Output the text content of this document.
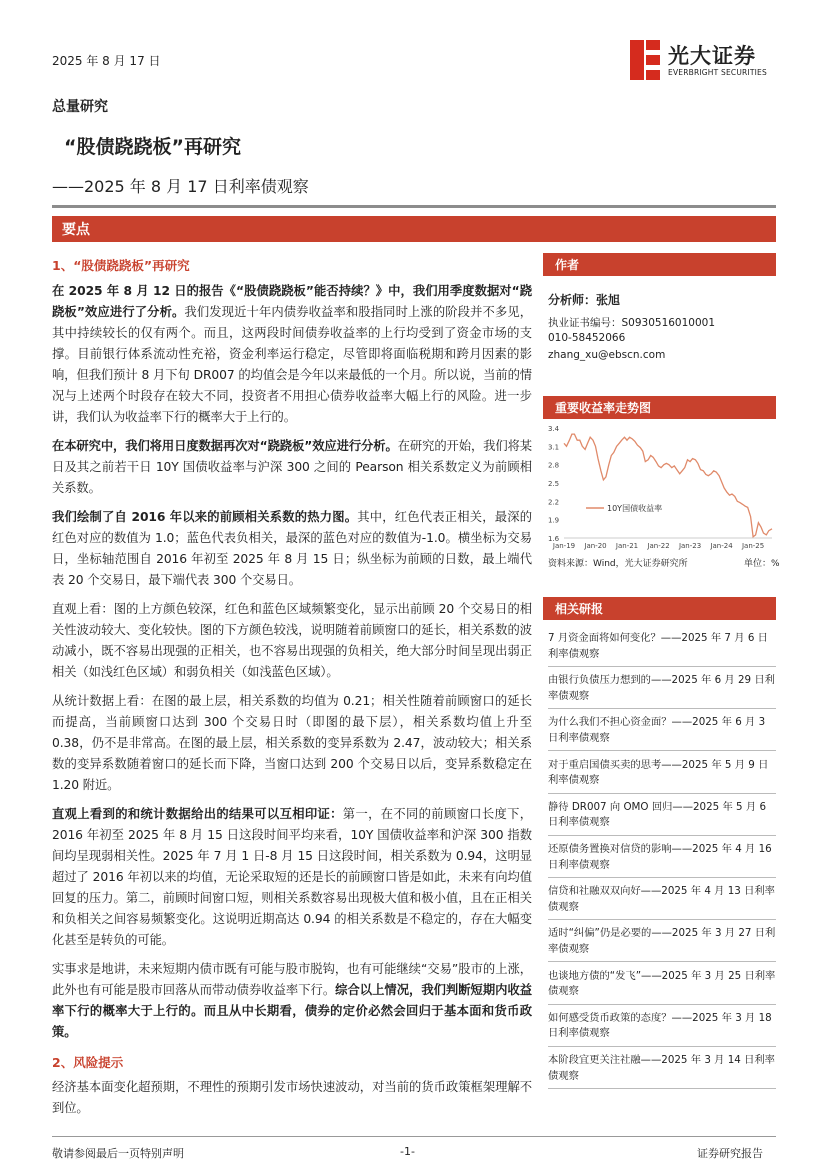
2025 年 8 月 17 日	光大证券
EVERBRIGHT SECURITIES
总量研究
“股债跷跷板”再研究
——2025 年 8 月 17 日利率债观察
要点
1、“股债跷跷板”再研究

在 2025 年 8 月 12 日的报告《“股债跷跷板”能否持续？》中，我们用季度数据对“跷跷板”效应进行了分析。我们发现近十年内债券收益率和股指同时上涨的阶段并不多见，其中持续较长的仅有两个。而且，这两段时间债券收益率的上行均受到了资金市场的支撑。目前银行体系流动性充裕，资金利率运行稳定，尽管即将面临税期和跨月因素的影响，但我们预计 8 月下旬 DR007 的均值会是今年以来最低的一个月。所以说，当前的情况与上述两个时段存在较大不同，投资者不用担心债券收益率大幅上行的风险。进一步讲，我们认为收益率下行的概率大于上行的。

在本研究中，我们将用日度数据再次对“跷跷板”效应进行分析。在研究的开始，我们将某日及其之前若干日 10Y 国债收益率与沪深 300 之间的 Pearson 相关系数定义为前顾相关系数。

我们绘制了自 2016 年以来的前顾相关系数的热力图。其中，红色代表正相关，最深的红色对应的数值为 1.0；蓝色代表负相关，最深的蓝色对应的数值为-1.0。横坐标为交易日，坐标轴范围自 2016 年初至 2025 年 8 月 15 日；纵坐标为前顾的日数，最上端代表 20 个交易日，最下端代表 300 个交易日。

直观上看：图的上方颜色较深，红色和蓝色区域频繁变化，显示出前顾 20 个交易日的相关性波动较大、变化较快。图的下方颜色较浅，说明随着前顾窗口的延长，相关系数的波动减小，既不容易出现强的正相关，也不容易出现强的负相关，绝大部分时间呈现出弱正相关（如浅红色区域）和弱负相关（如浅蓝色区域）。

从统计数据上看：在图的最上层，相关系数的均值为 0.21；相关性随着前顾窗口的延长而提高，当前顾窗口达到 300 个交易日时（即图的最下层），相关系数均值上升至 0.38，仍不是非常高。在图的最上层，相关系数的变异系数为 2.47，波动较大；相关系数的变异系数随着窗口的延长而下降，当窗口达到 200 个交易日以后，变异系数稳定在 1.20 附近。

直观上看到的和统计数据给出的结果可以互相印证：第一，在不同的前顾窗口长度下，2016 年初至 2025 年 8 月 15 日这段时间平均来看，10Y 国债收益率和沪深 300 指数间均呈现弱相关性。2025 年 7 月 1 日-8 月 15 日这段时间，相关系数为 0.94，这明显超过了 2016 年初以来的均值，无论采取短的还是长的前顾窗口皆是如此，未来有向均值回复的压力。第二，前顾时间窗口短，则相关系数容易出现极大值和极小值，且在正相关和负相关之间容易频繁变化。这说明近期高达 0.94 的相关系数是不稳定的，存在大幅变化甚至是转负的可能。

实事求是地讲，未来短期内债市既有可能与股市脱钩，也有可能继续“交易”股市的上涨，此外也有可能是股市回落从而带动债券收益率下行。综合以上情况，我们判断短期内收益率下行的概率大于上行的。而且从中长期看，债券的定价必然会回归于基本面和货币政策。

2、风险提示

经济基本面变化超预期，不理性的预期引发市场快速波动，对当前的货币政策框架理解不到位。

作者
分析师：张旭
执业证书编号：S0930516010001
010-58452066
zhang_xu@ebscn.com
重要收益率走势图
3.4
3.1
2.8
2.5
2.2
1.9
1.6
Jan-19 Jan-20 Jan-21 Jan-22 Jan-23 Jan-24 Jan-25
10Y国债收益率
资料来源：Wind，光大证券研究所	单位：%
相关研报
7 月资金面将如何变化？——2025 年 7 月 6 日利率债观察
由银行负债压力想到的——2025 年 6 月 29 日利率债观察
为什么我们不担心资金面？——2025 年 6 月 3 日利率债观察
对于重启国债买卖的思考——2025 年 5 月 9 日利率债观察
静待 DR007 向 OMO 回归——2025 年 5 月 6 日利率债观察
还原债务置换对信贷的影响——2025 年 4 月 16 日利率债观察
信贷和社融双双向好——2025 年 4 月 13 日利率债观察
适时“纠偏”仍是必要的——2025 年 3 月 27 日利率债观察
也谈地方债的“发飞”——2025 年 3 月 25 日利率债观察
如何感受货币政策的态度？——2025 年 3 月 18 日利率债观察
本阶段宜更关注社融——2025 年 3 月 14 日利率债观察
敬请参阅最后一页特别声明	-1-	证券研究报告
